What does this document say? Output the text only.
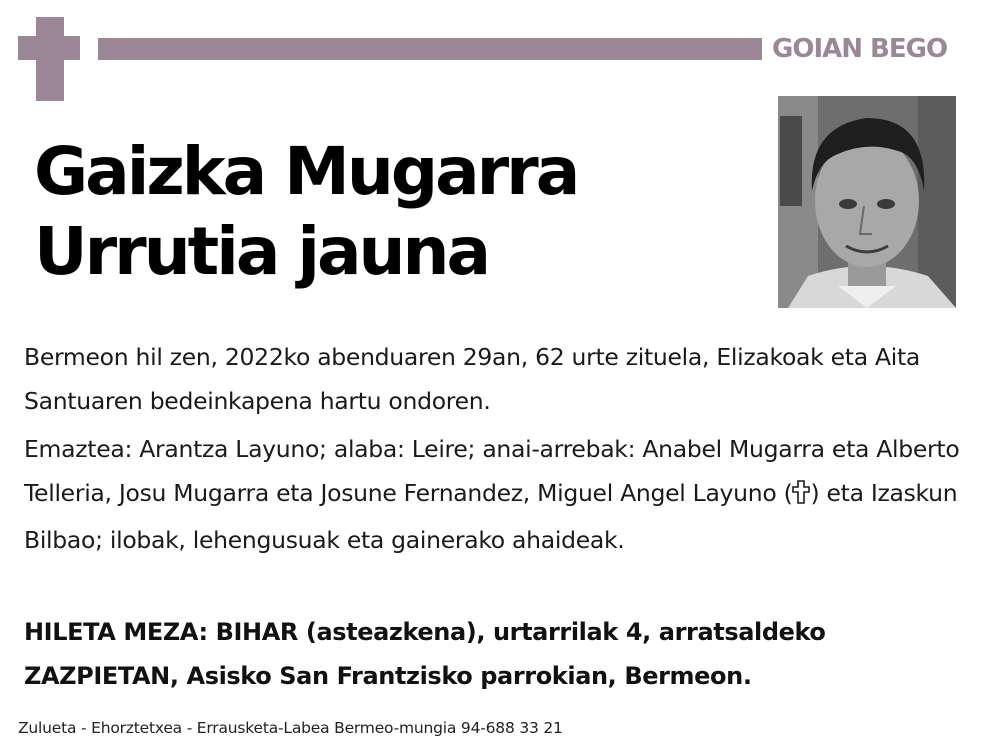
GOIAN BEGO
Gaizka Mugarra
Urrutia jauna
Bermeon hil zen, 2022ko abenduaren 29an, 62 urte zituela, Elizakoak eta Aita Santuaren bedeinkapena hartu ondoren.
Emaztea: Arantza Layuno; alaba: Leire; anai-arrebak: Anabel Mugarra eta Alberto Telleria, Josu Mugarra eta Josune Fernandez, Miguel Angel Layuno ( ) eta Izaskun Bilbao; ilobak, lehengusuak eta gainerako ahaideak.
HILETA MEZA: BIHAR (asteazkena), urtarrilak 4, arratsaldeko ZAZPIETAN, Asisko San Frantzisko parrokian, Bermeon.
Zulueta - Ehorztetxea - Errausketa-Labea Bermeo-mungia 94-688 33 21
